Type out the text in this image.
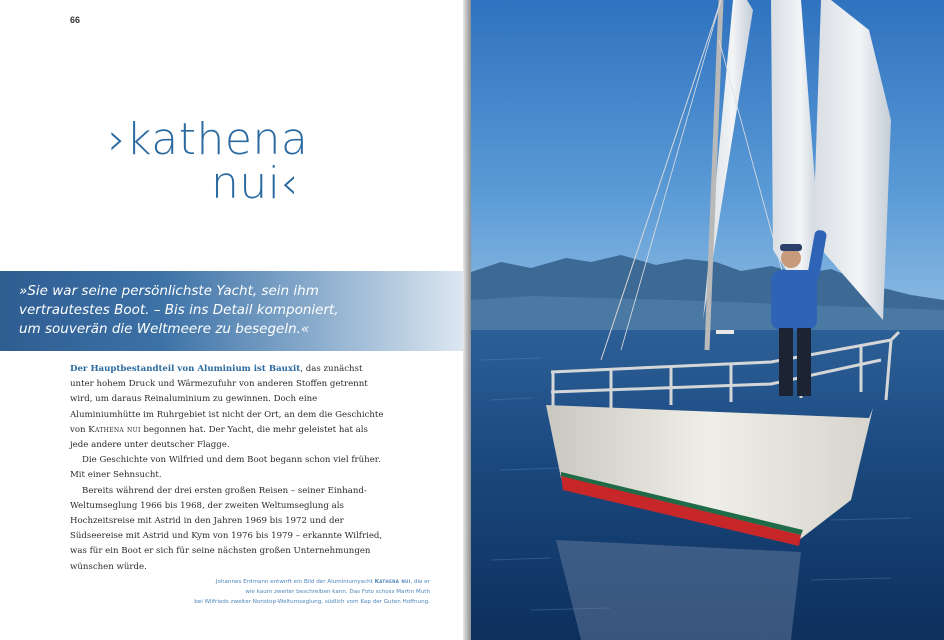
66
›kathena
nui‹
»Sie war seine persönlichste Yacht, sein ihm
vertrautestes Boot. – Bis ins Detail komponiert,
um souverän die Weltmeere zu besegeln.«

Der Hauptbestandteil von Aluminium ist Bauxit, das zunächst unter hohem Druck und Wärmezufuhr von anderen Stoffen getrennt wird, um daraus Reinaluminium zu gewinnen. Doch eine Aluminiumhütte im Ruhrgebiet ist nicht der Ort, an dem die Geschichte von Kathena nui begonnen hat. Der Yacht, die mehr geleistet hat als jede andere unter deutscher Flagge.

Die Geschichte von Wilfried und dem Boot begann schon viel früher. Mit einer Sehnsucht.

Bereits während der drei ersten großen Reisen – seiner Einhand-Weltumseglung 1966 bis 1968, der zweiten Weltumseglung als Hochzeitsreise mit Astrid in den Jahren 1969 bis 1972 und der Südseereise mit Astrid und Kym von 1976 bis 1979 – erkannte Wilfried, was für ein Boot er sich für seine nächsten großen Unternehmungen wünschen würde.

Johannes Erdmann entwirft ein Bild der Aluminiumyacht Kathena nui, die er
wie kaum zweiter beschreiben kann. Das Foto schoss Martin Muth
bei Wilfrieds zweiter Nonstop-Weltumseglung, südlich vom Kap der Guten Hoffnung.
